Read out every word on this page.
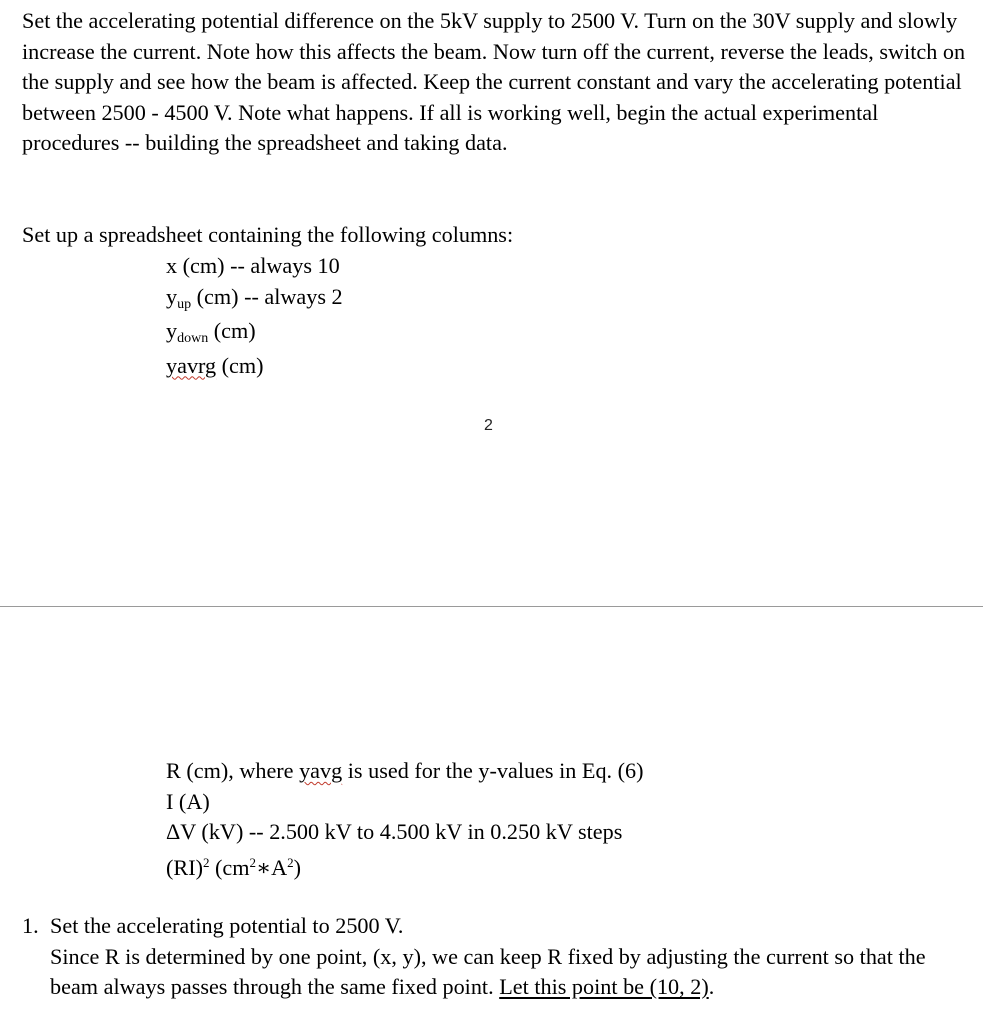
Set the accelerating potential difference on the 5kV supply to 2500 V. Turn on the 30V supply and slowly increase the current. Note how this affects the beam. Now turn off the current, reverse the leads, switch on the supply and see how the beam is affected. Keep the current constant and vary the accelerating potential between 2500 - 4500 V. Note what happens. If all is working well, begin the actual experimental procedures -- building the spreadsheet and taking data.

Set up a spreadsheet containing the following columns:

x (cm) -- always 10
yup (cm) -- always 2
ydown (cm)
yavrg (cm)
2
R (cm), where yavg is used for the y-values in Eq. (6)
I (A)
ΔV (kV) -- 2.500 kV to 4.500 kV in 0.250 kV steps
(RI)$^2$ $(cm^2∗A^2)$
1. Set the accelerating potential to 2500 V.
Since R is determined by one point, (x, y), we can keep R fixed by adjusting the current so that the beam always passes through the same fixed point. Let this point be (10, 2).
